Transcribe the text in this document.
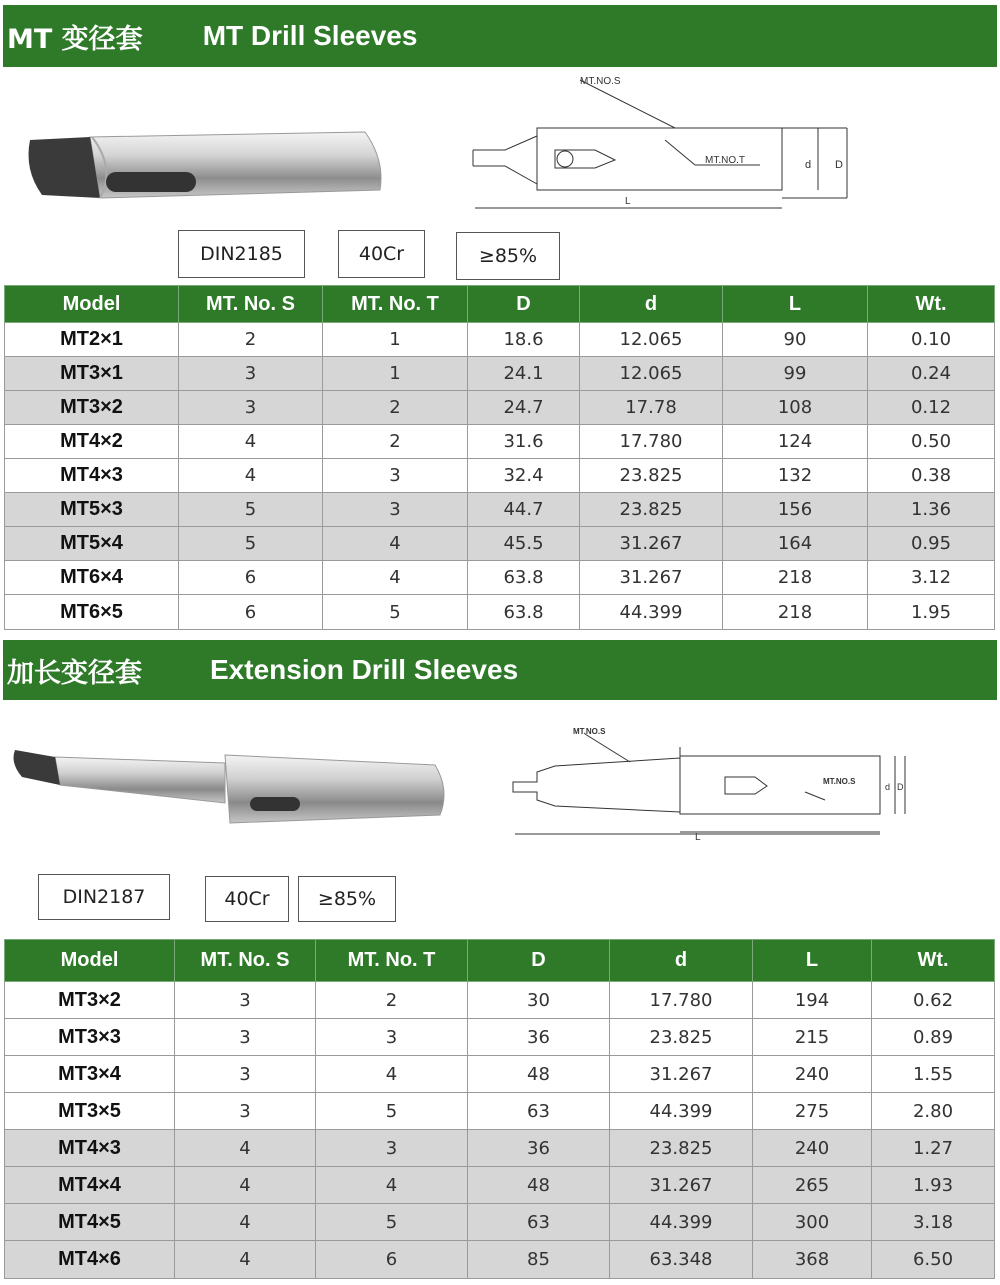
MT 变径套 MT Drill Sleeves
MT.NO.S
MT.NO.T
L
d D
DIN2185	40Cr	≥85%
Model	MT. No. S	MT. No. T	D	d	L	Wt.
MT2×1	2	1	18.6	12.065	90	0.10
MT3×1	3	1	24.1	12.065	99	0.24
MT3×2	3	2	24.7	17.78	108	0.12
MT4×2	4	2	31.6	17.780	124	0.50
MT4×3	4	3	32.4	23.825	132	0.38
MT5×3	5	3	44.7	23.825	156	1.36
MT5×4	5	4	45.5	31.267	164	0.95
MT6×4	6	4	63.8	31.267	218	3.12
MT6×5	6	5	63.8	44.399	218	1.95
加长变径套 Extension Drill Sleeves
MT.NO.S
MT.NO.S
L
d D
DIN2187	40Cr	≥85%
Model	MT. No. S	MT. No. T	D	d	L	Wt.
MT3×2	3	2	30	17.780	194	0.62
MT3×3	3	3	36	23.825	215	0.89
MT3×4	3	4	48	31.267	240	1.55
MT3×5	3	5	63	44.399	275	2.80
MT4×3	4	3	36	23.825	240	1.27
MT4×4	4	4	48	31.267	265	1.93
MT4×5	4	5	63	44.399	300	3.18
MT4×6	4	6	85	63.348	368	6.50
